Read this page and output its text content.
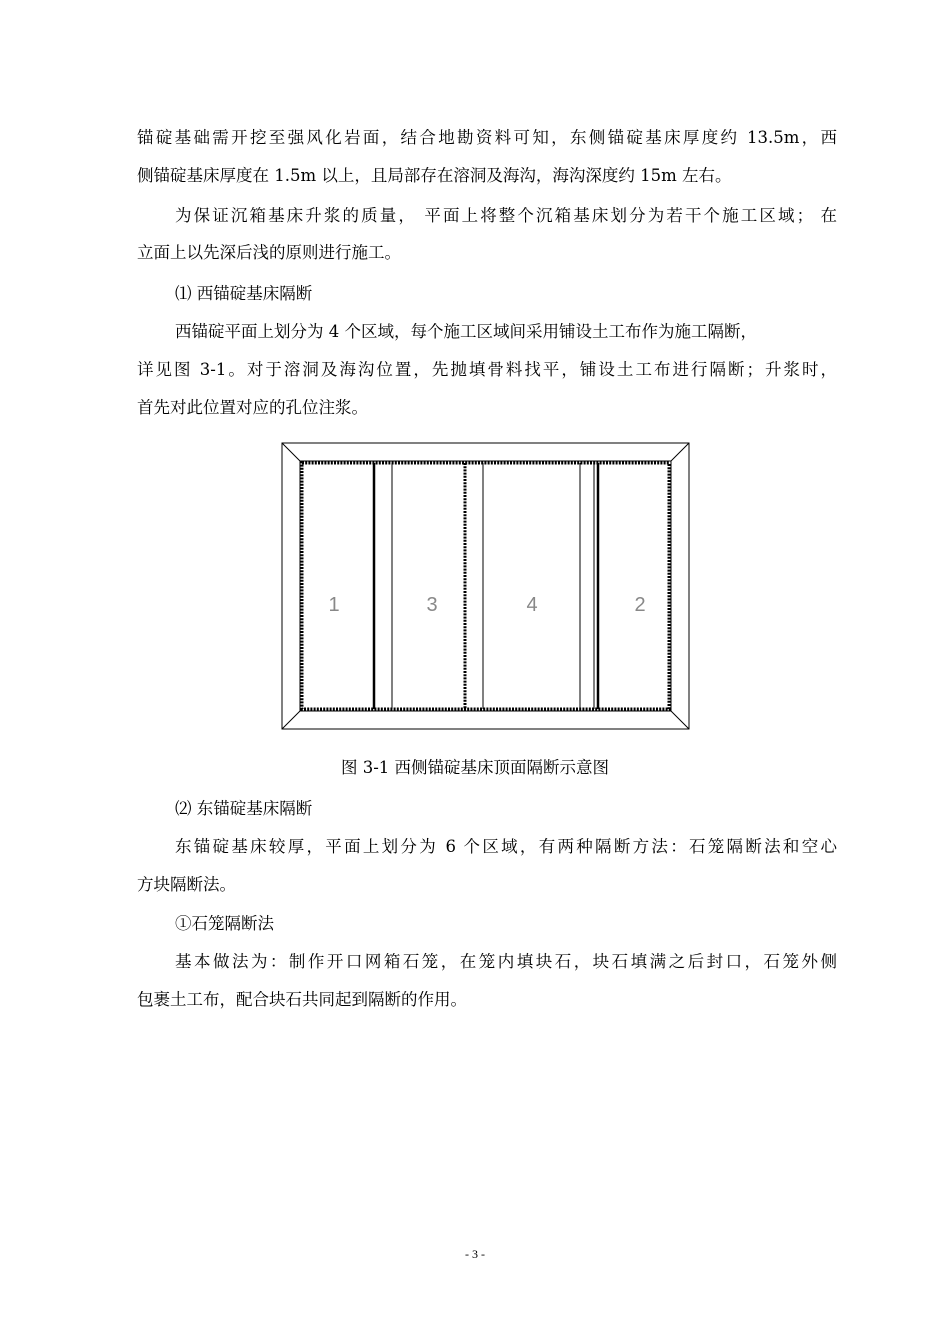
锚碇基础需开挖至强风化岩面，结合地勘资料可知，东侧锚碇基床厚度约 13.5m，西
侧锚碇基床厚度在 1.5m 以上，且局部存在溶洞及海沟，海沟深度约 15m 左右。
为保证沉箱基床升浆的质量， 平面上将整个沉箱基床划分为若干个施工区域； 在
立面上以先深后浅的原则进行施工。
⑴ 西锚碇基床隔断
西锚碇平面上划分为 4 个区域，每个施工区域间采用铺设土工布作为施工隔断，
详见图 3-1。对于溶洞及海沟位置，先抛填骨料找平，铺设土工布进行隔断；升浆时，
首先对此位置对应的孔位注浆。
1	3	4	2
图 3-1 西侧锚碇基床顶面隔断示意图
⑵ 东锚碇基床隔断
东锚碇基床较厚，平面上划分为 6 个区域，有两种隔断方法：石笼隔断法和空心
方块隔断法。
①石笼隔断法
基本做法为：制作开口网箱石笼，在笼内填块石，块石填满之后封口，石笼外侧
包裹土工布，配合块石共同起到隔断的作用。
- 3 -
